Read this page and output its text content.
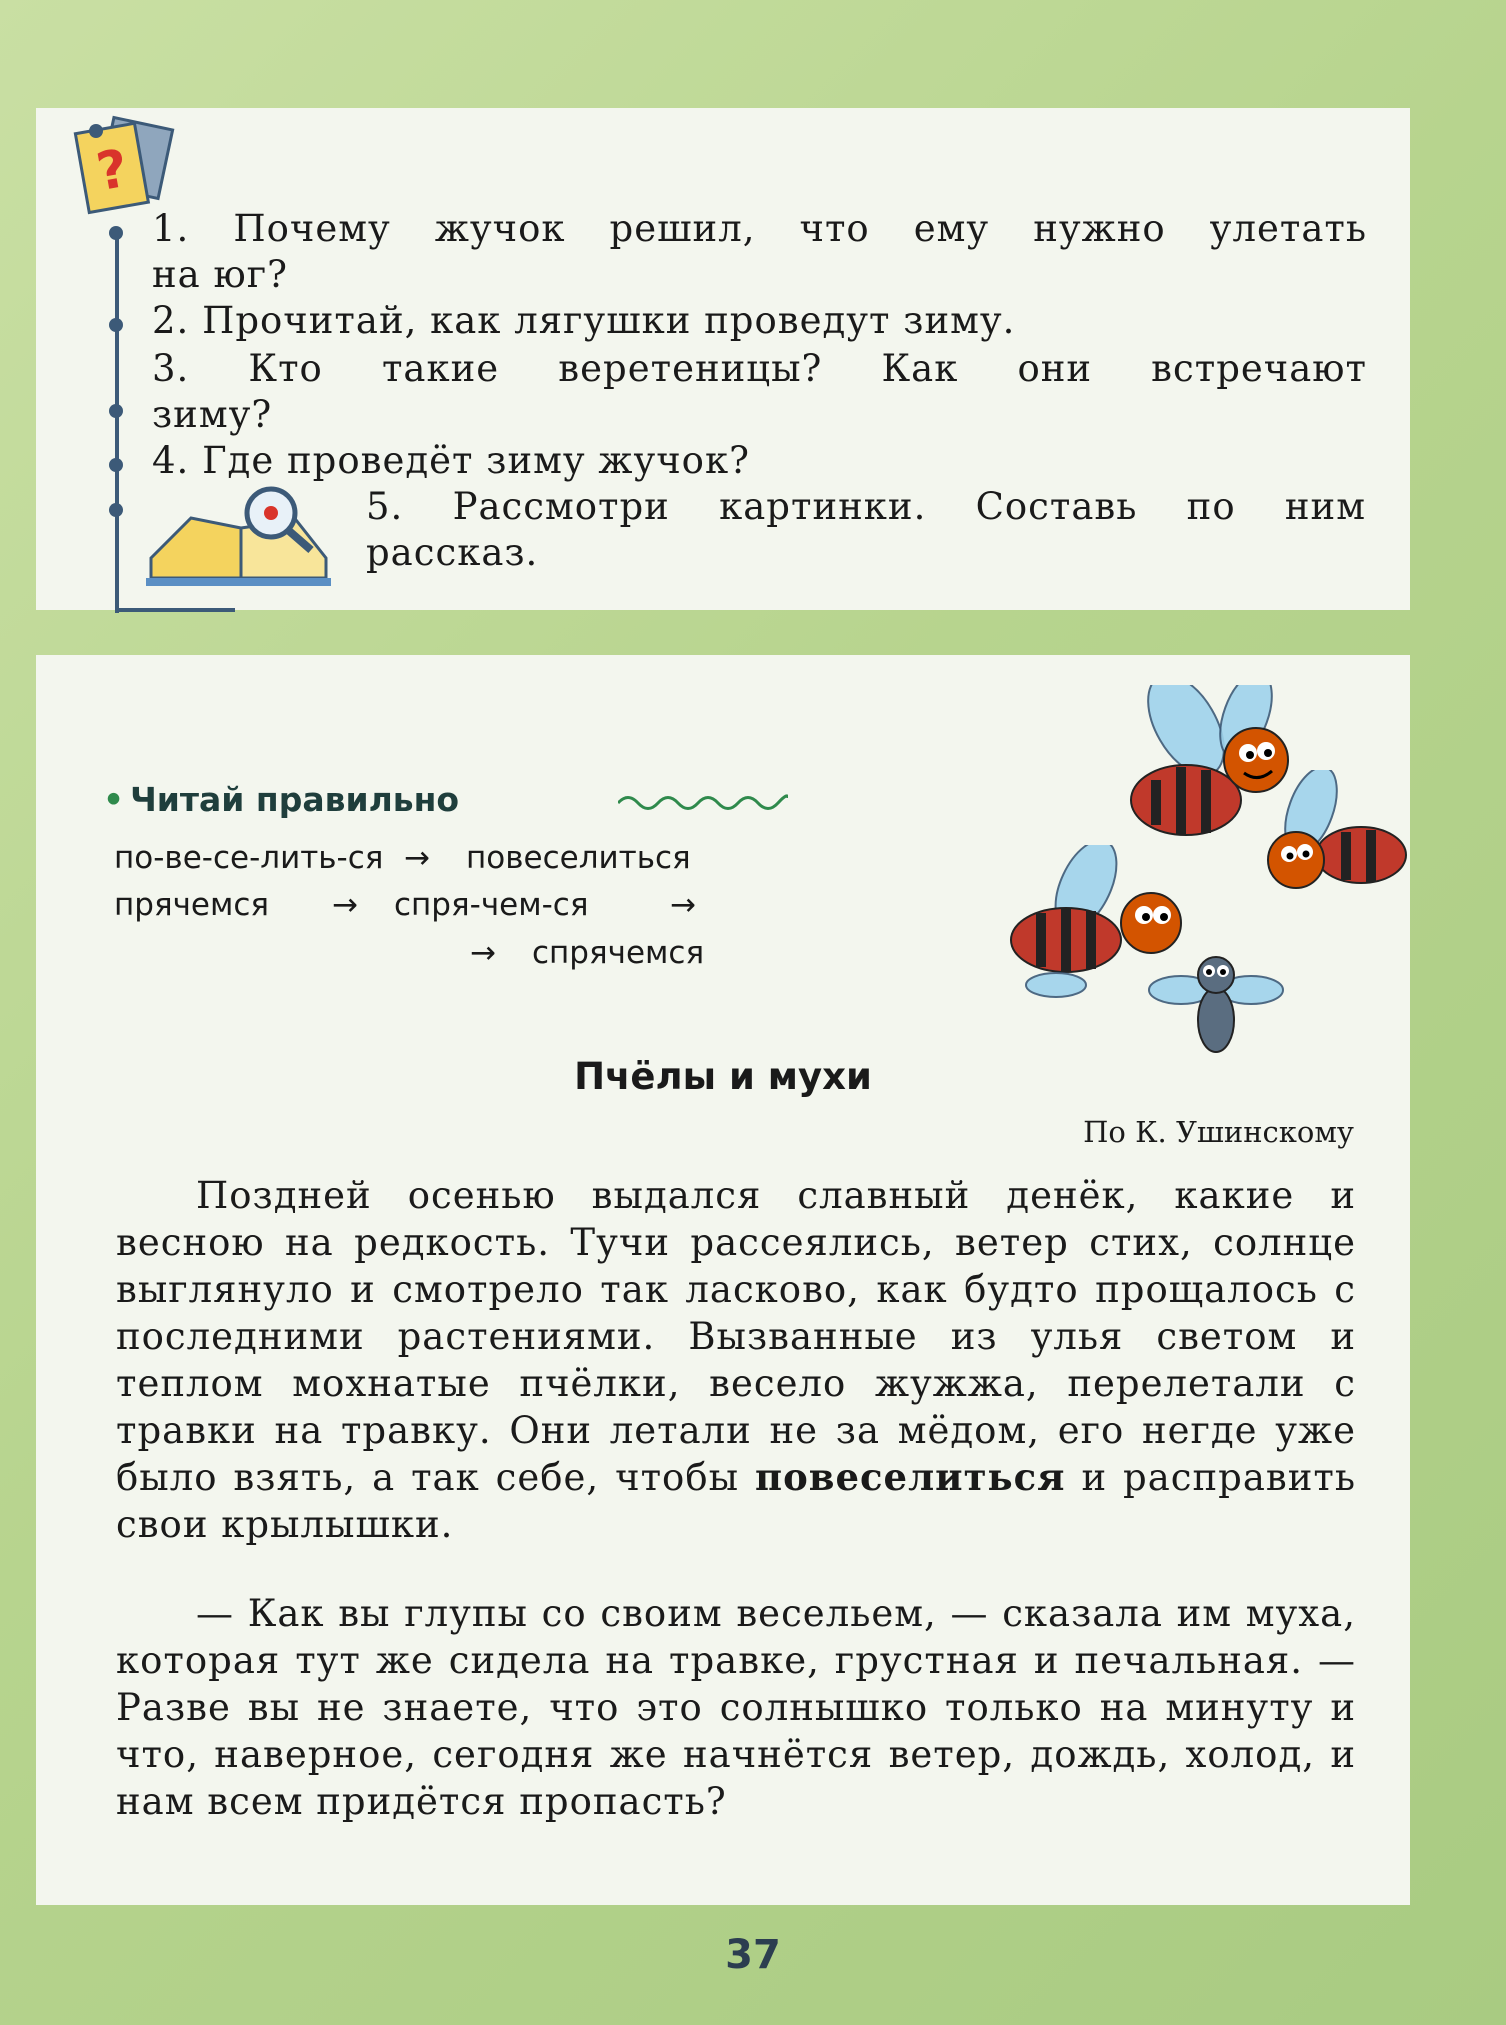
?
1. Почему жучок решил, что ему нужно улетать
на юг?
2. Прочитай, как лягушки проведут зиму.
3. Кто такие веретеницы? Как они встречают
зиму?
4. Где проведёт зиму жучок?
5. Рассмотри картинки. Составь по ним
рассказ.
• Читай правильно
по-ве-се-лить-ся → повеселиться
прячемся → спря-чем-ся	→
→ спрячемся
Пчёлы и мухи
По К. Ушинскому
Поздней осенью выдался славный денёк, какие и весною на редкость. Тучи рассеялись, ветер стих, солнце выглянуло и смотрело так ласково, как будто прощалось с последними растениями. Вызванные из улья светом и теплом мохнатые пчёлки, весело жужжа, перелетали с травки на травку. Они летали не за мёдом, его негде уже было взять, а так себе, чтобы повеселиться и расправить свои крылышки.
— Как вы глупы со своим весельем, — сказала им муха, которая тут же сидела на травке, грустная и печальная. — Разве вы не знаете, что это солнышко только на минуту и что, наверное, сегодня же начнётся ветер, дождь, холод, и нам всем придётся пропасть?
37
